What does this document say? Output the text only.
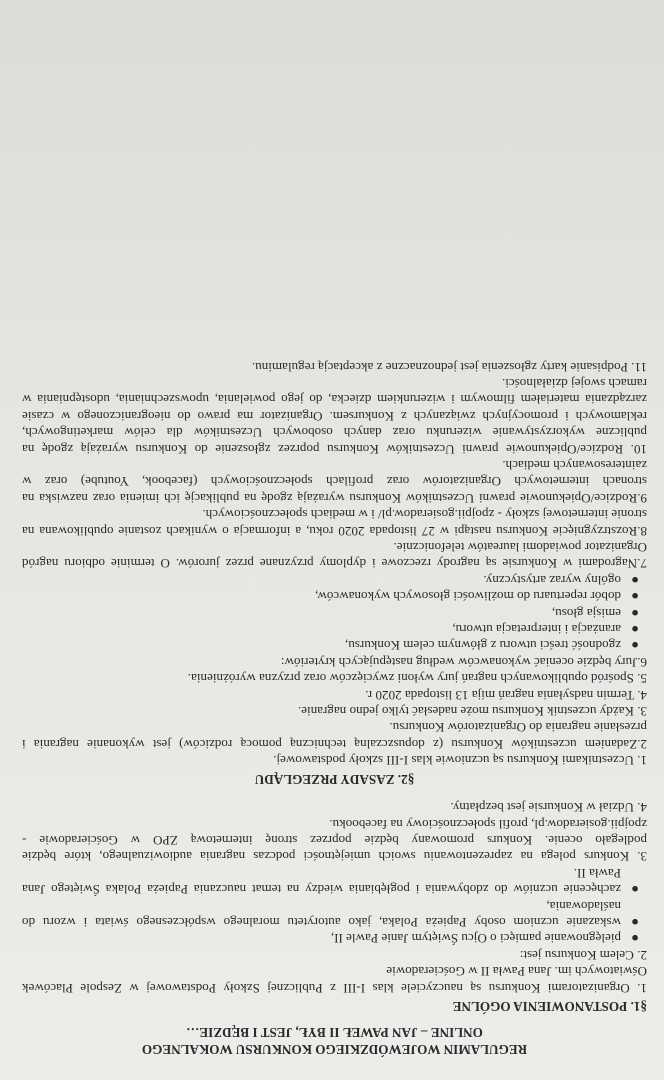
REGULAMIN WOJEWÓDZKIEGO KONKURSU WOKALNEGO

ONLINE – JAN PAWEŁ II BYŁ, JEST I BĘDZIE…

§1. POSTANOWIENIA OGÓLNE

1. Organizatorami Konkursu są nauczyciele klas I-III z Publicznej Szkoły Podstawowej w Zespole Placówek Oświatowych im. Jana Pawła II w Gościeradowie

2. Celem Konkursu jest:

●
pielęgnowanie pamięci o Ojcu Świętym Janie Pawle II,
●
wskazanie uczniom osoby Papieża Polaka, jako autorytetu moralnego współczesnego świata i wzoru do naśladowania,
●
zachęcenie uczniów do zdobywania i pogłębiania wiedzy na temat nauczania Papieża Polaka Świętego Jana Pawła II.

3. Konkurs polega na zaprezentowaniu swoich umiejętności podczas nagrania audiowizualnego, które będzie podlegało ocenie. Konkurs promowany będzie poprzez stronę internetową ZPO w Gościeradowie - zpojpii.gosieradow.pl, profil społecznościowy na facebooku.

4. Udział w Konkursie jest bezpłatny.

§2. ZASADY PRZEGLĄDU

1. Uczestnikami Konkursu są uczniowie klas I-III szkoły podstawowej.

2.Zadaniem uczestników Konkursu (z dopuszczalną techniczną pomocą rodziców) jest wykonanie nagrania i przesłanie nagrania do Organizatorów Konkursu.

3. Każdy uczestnik Konkursu może nadesłać tylko jedno nagranie.

4. Termin nadsyłania nagrań mija 13 listopada 2020 r.

5. Spośród opublikowanych nagrań jury wyłoni zwycięzców oraz przyzna wyróżnienia.

6.Jury będzie oceniać wykonawców według następujących kryteriów:

●
zgodność treści utworu z głównym celem Konkursu,
●
aranżacja i interpretacja utworu,
●
emisja głosu,
●
dobór repertuaru do możliwości głosowych wykonawców,
●
ogólny wyraz artystyczny.

7.Nagrodami w Konkursie są nagrody rzeczowe i dyplomy przyznane przez jurorów. O terminie odbioru nagród Organizator powiadomi laureatów telefonicznie.

8.Rozstrzygnięcie Konkursu nastąpi w 27 listopada 2020 roku, a informacja o wynikach zostanie opublikowana na stronie internetowej szkoły - zpojpii.gosieradow.pl/ i w mediach społecznościowych.

9.Rodzice/Opiekunowie prawni Uczestników Konkursu wyrażają zgodę na publikację ich imienia oraz nazwiska na stronach internetowych Organizatorów oraz profilach społecznościowych (facebook, Youtube) oraz w zainteresowanych mediach.

10. Rodzice/Opiekunowie prawni Uczestników Konkursu poprzez zgłoszenie do Konkursu wyrażają zgodę na publiczne wykorzystywanie wizerunku oraz danych osobowych Uczestników dla celów marketingowych, reklamowych i promocyjnych związanych z Konkursem. Organizator ma prawo do nieograniczonego w czasie zarządzania materiałem filmowym i wizerunkiem dziecka, do jego powielania, upowszechniania, udostępniania w ramach swojej działalności.

11. Podpisanie karty zgłoszenia jest jednoznaczne z akceptacją regulaminu.
